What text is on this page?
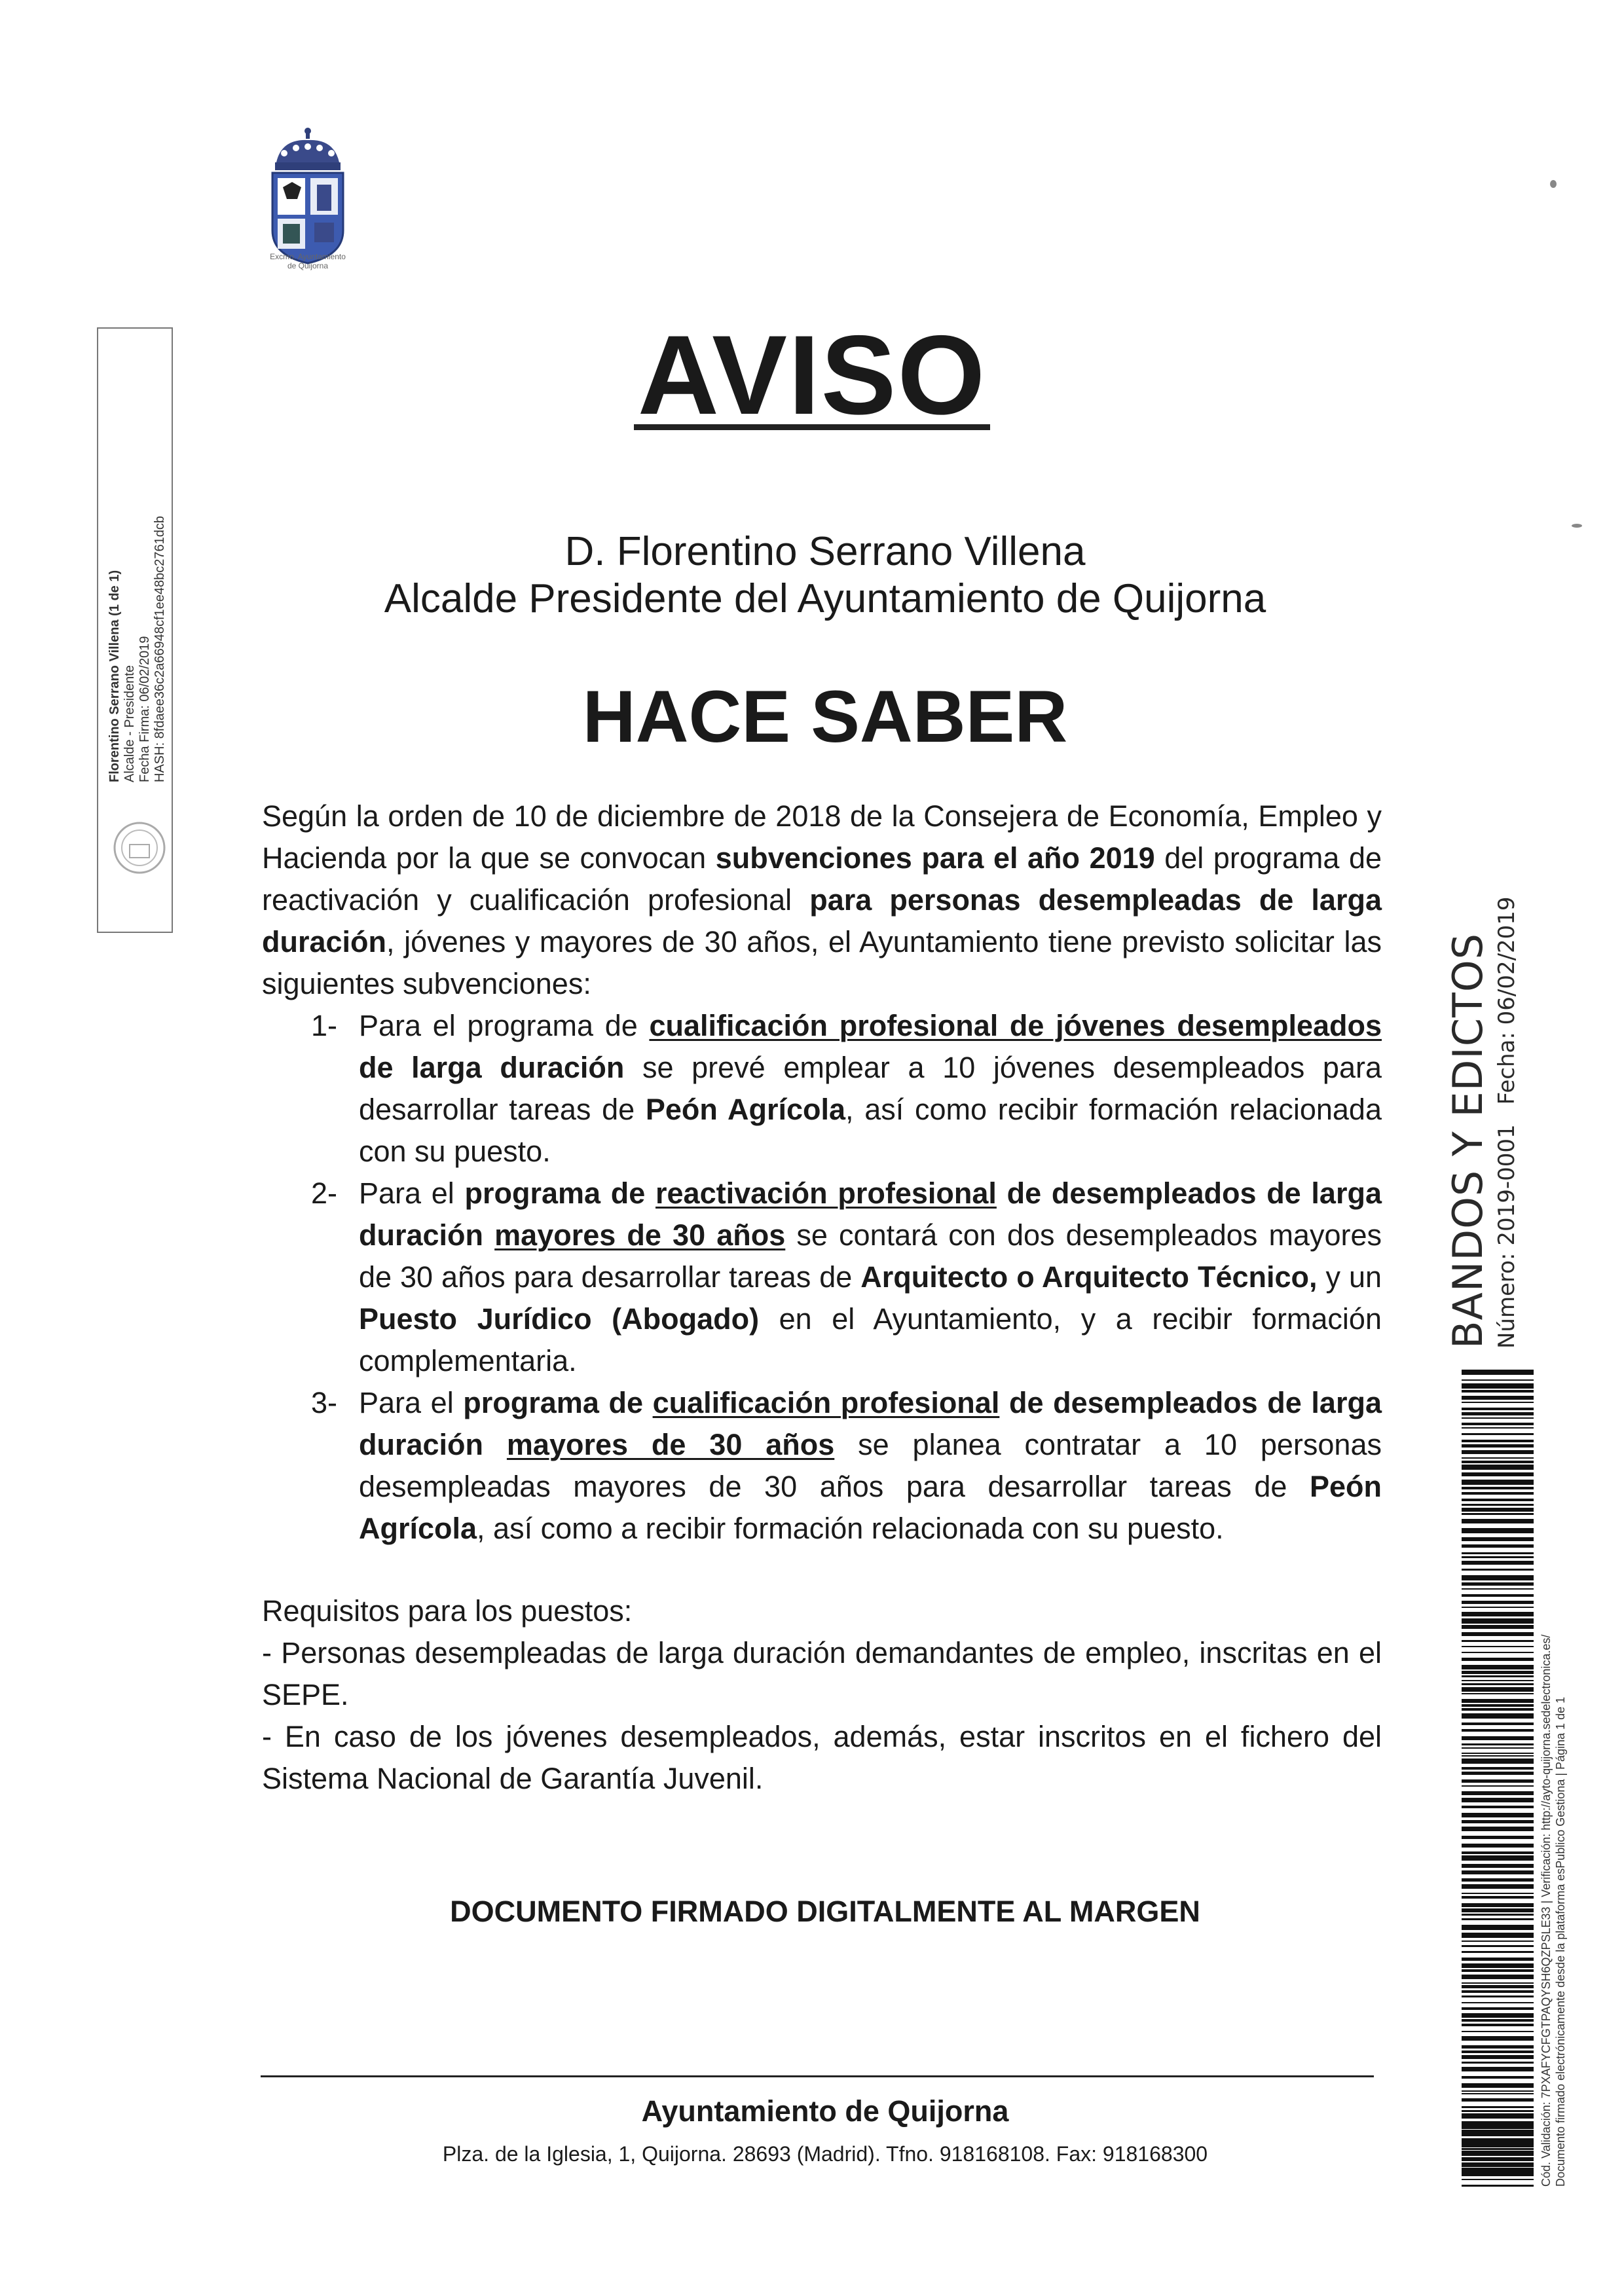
Excmo. Ayuntamiento
de Quijorna
Florentino Serrano Villena (1 de 1) Alcalde - Presidente Fecha Firma: 06/02/2019 HASH: 8fdaee36c2a66948cf1ee48bc2761dcb
BANDOS Y EDICTOS Número: 2019-0001Fecha: 06/02/2019
Cód. Validación: 7PXAFYCFGTPAQYSH6QZPSLE33 | Verificación: http://ayto-quijorna.sedelectronica.es/ Documento firmado electrónicamente desde la plataforma esPublico Gestiona | Página 1 de 1
AVISO
D. Florentino Serrano Villena
Alcalde Presidente del Ayuntamiento de Quijorna
HACE SABER

Según la orden de 10 de diciembre de 2018 de la Consejera de Economía, Empleo y Hacienda por la que se convocan subvenciones para el año 2019 del programa de reactivación y cualificación profesional para personas desempleadas de larga duración, jóvenes y mayores de 30 años, el Ayuntamiento tiene previsto solicitar las siguientes subvenciones:

1- Para el programa de cualificación profesional de jóvenes desempleados de larga duración se prevé emplear a 10 jóvenes desempleados para desarrollar tareas de Peón Agrícola, así como recibir formación relacionada con su puesto.
2- Para el programa de reactivación profesional de desempleados de larga duración mayores de 30 años se contará con dos desempleados mayores de 30 años para desarrollar tareas de Arquitecto o Arquitecto Técnico, y un Puesto Jurídico (Abogado) en el Ayuntamiento, y a recibir formación complementaria.
3- Para el programa de cualificación profesional de desempleados de larga duración mayores de 30 años se planea contratar a 10 personas desempleadas mayores de 30 años para desarrollar tareas de Peón Agrícola, así como a recibir formación relacionada con su puesto.

Requisitos para los puestos:

- Personas desempleadas de larga duración demandantes de empleo, inscritas en el SEPE.

- En caso de los jóvenes desempleados, además, estar inscritos en el fichero del Sistema Nacional de Garantía Juvenil.

DOCUMENTO FIRMADO DIGITALMENTE AL MARGEN
Ayuntamiento de Quijorna
Plza. de la Iglesia, 1, Quijorna. 28693 (Madrid). Tfno. 918168108. Fax: 918168300
